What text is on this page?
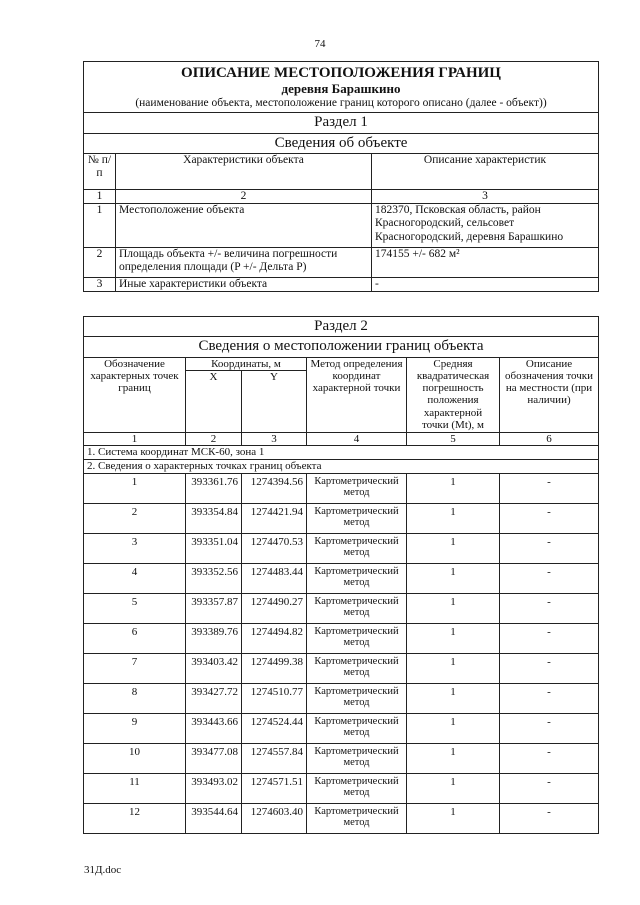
74
ОПИСАНИЕ МЕСТОПОЛОЖЕНИЯ ГРАНИЦ		
деревня Барашкино		
(наименование объекта, местоположение границ которого описано (далее - объект))		
Раздел 1		
Сведения об объекте		
№ п/п	Характеристики объекта	Описание характеристик
1	2	3
1	Местоположение объекта	182370, Псковская область, район Красногородский, сельсовет Красногородский, деревня Барашкино
2	Площадь объекта +/- величина погрешности определения площади (P +/- Дельта P)	174155 +/- 682 м²
3	Иные характеристики объекта	-
Раздел 2					
Сведения о местоположении границ объекта					
Обозначение характерных точек границ	Координаты, м		Метод определения координат характерной точки	Средняя квадратическая погрешность положения характерной точки (Mt), м	Описание обозначения точки на местности (при наличии)
	X	Y			
1	2	3	4	5	6
1. Система координат МСК-60, зона 1					
2. Сведения о характерных точках границ объекта					
1	393361.76	1274394.56	Картометрический метод	1	-
2	393354.84	1274421.94	Картометрический метод	1	-
3	393351.04	1274470.53	Картометрический метод	1	-
4	393352.56	1274483.44	Картометрический метод	1	-
5	393357.87	1274490.27	Картометрический метод	1	-
6	393389.76	1274494.82	Картометрический метод	1	-
7	393403.42	1274499.38	Картометрический метод	1	-
8	393427.72	1274510.77	Картометрический метод	1	-
9	393443.66	1274524.44	Картометрический метод	1	-
10	393477.08	1274557.84	Картометрический метод	1	-
11	393493.02	1274571.51	Картометрический метод	1	-
12	393544.64	1274603.40	Картометрический метод	1	-
31Д.doc
